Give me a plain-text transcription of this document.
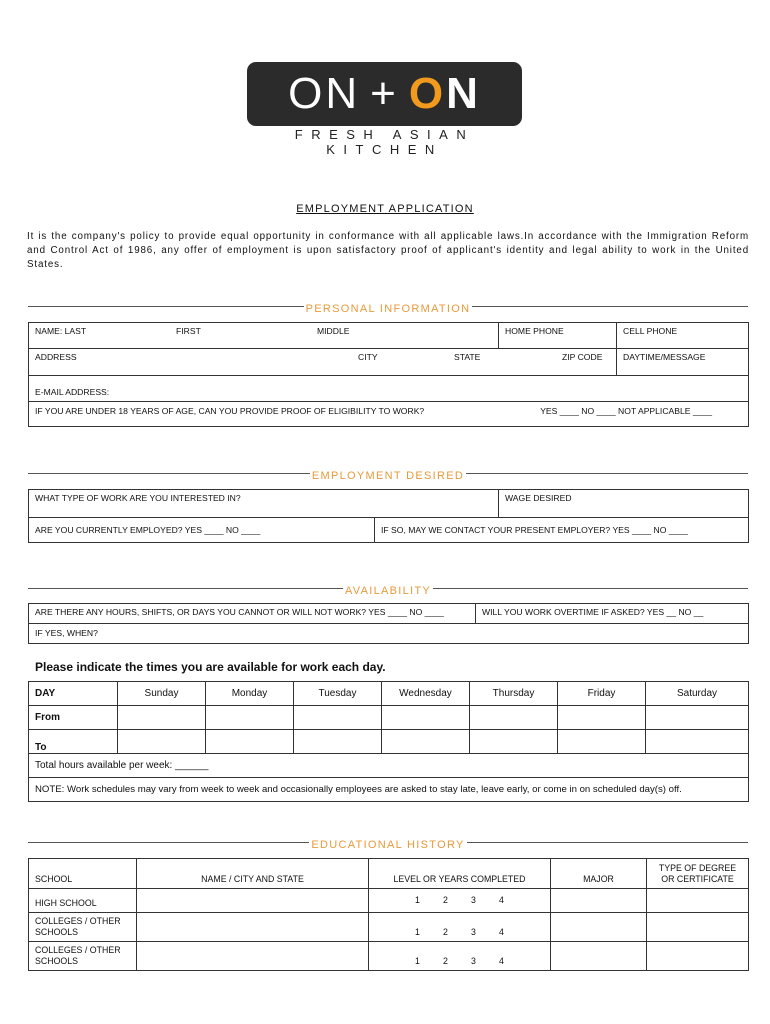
ON + O N
FRESH ASIAN KITCHEN
EMPLOYMENT APPLICATION
It is the company's policy to provide equal opportunity in conformance with all applicable laws.In accordance with the Immigration Reform and Control Act of 1986, any offer of employment is upon satisfactory proof of applicant's identity and legal ability to work in the United States.
PERSONAL INFORMATION
NAME: LAST FIRST MIDDLE	HOME PHONE	CELL PHONE

ADDRESS CITY STATE ZIP CODE		DAYTIME/MESSAGE
E-MAIL ADDRESS:		

IF YOU ARE UNDER 18 YEARS OF AGE, CAN YOU PROVIDE PROOF OF ELIGIBILITY TO WORK? YES ____ NO ____ NOT APPLICABLE ____		
EMPLOYMENT DESIRED
WHAT TYPE OF WORK ARE YOU INTERESTED IN?		WAGE DESIRED
ARE YOU CURRENTLY EMPLOYED? YES ____ NO ____	IF SO, MAY WE CONTACT YOUR PRESENT EMPLOYER? YES ____ NO ____	
AVAILABILITY
ARE THERE ANY HOURS, SHIFTS, OR DAYS YOU CANNOT OR WILL NOT WORK? YES ____ NO ____	WILL YOU WORK OVERTIME IF ASKED? YES __ NO __
IF YES, WHEN?
Please indicate the times you are available for work each day.
DAY	Sunday	Monday	Tuesday	Wednesday	Thursday	Friday	Saturday
From							
To							
Total hours available per week: ______							
NOTE: Work schedules may vary from week to week and occasionally employees are asked to stay late, leave early, or come in on scheduled day(s) off.							
EDUCATIONAL HISTORY
SCHOOL	NAME / CITY AND STATE	LEVEL OR YEARS COMPLETED	MAJOR	TYPE OF DEGREE OR CERTIFICATE
HIGH SCHOOL		1 2 3 4		
COLLEGES / OTHER SCHOOLS		1 2 3 4		
COLLEGES / OTHER SCHOOLS		1 2 3 4		
